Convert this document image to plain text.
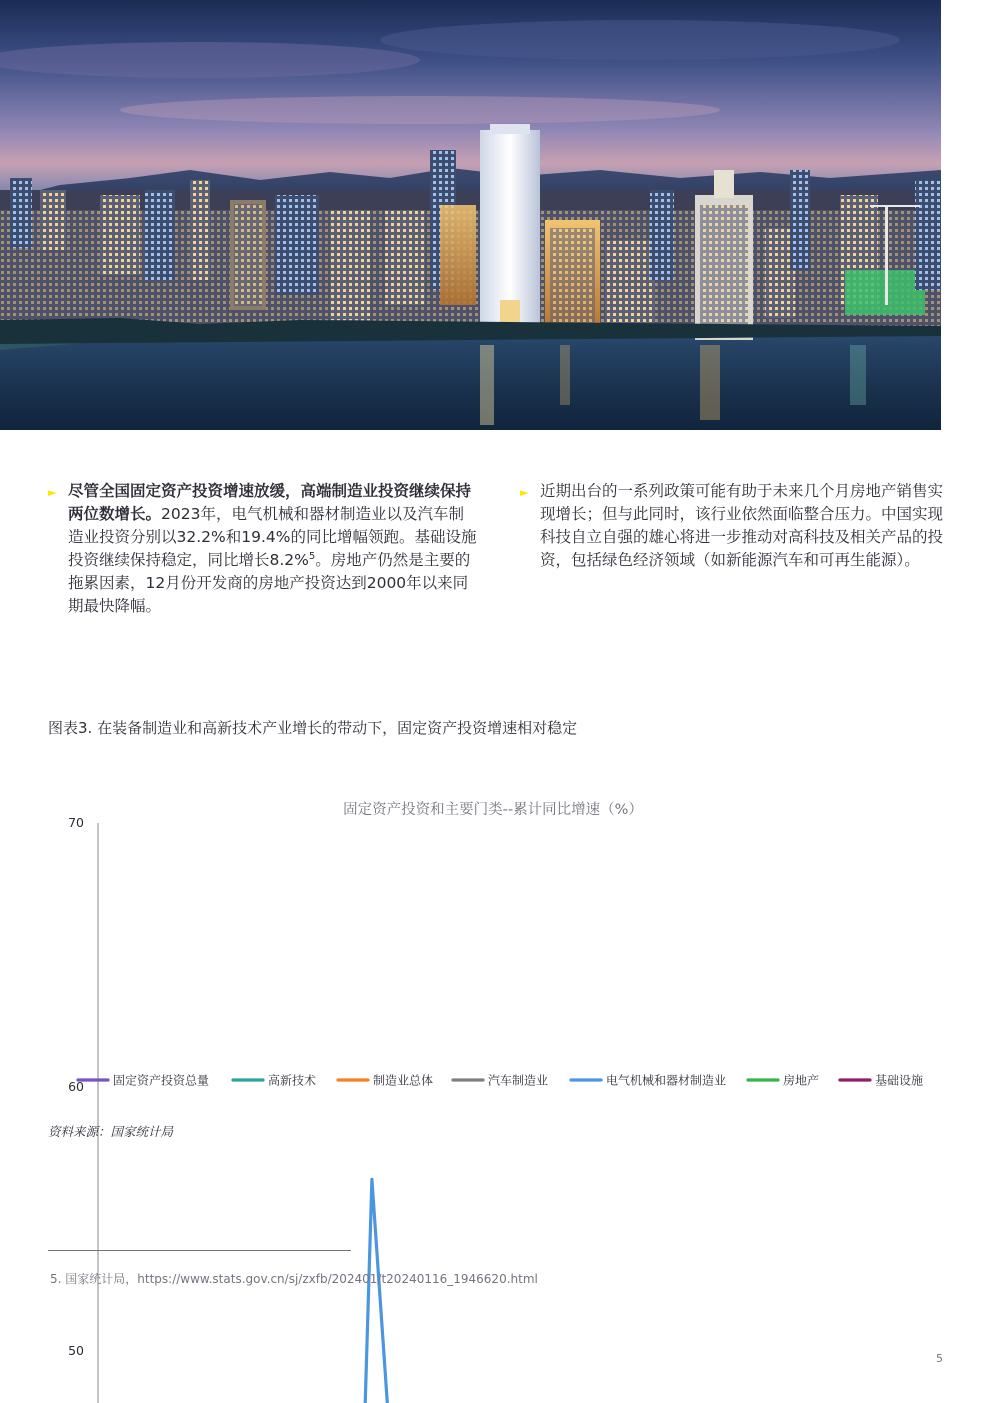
► 尽管全国固定资产投资增速放缓，高端制造业投资继续保持两位数增长。2023年，电气机械和器材制造业以及汽车制造业投资分别以32.2%和19.4%的同比增幅领跑。基础设施投资继续保持稳定，同比增长8.2%$^5$。房地产仍然是主要的拖累因素，12月份开发商的房地产投资达到2000年以来同期最快降幅。
► 近期出台的一系列政策可能有助于未来几个月房地产销售实现增长；但与此同时，该行业依然面临整合压力。中国实现科技自立自强的雄心将进一步推动对高科技及相关产品的投资，包括绿色经济领域（如新能源汽车和可再生能源）。
图表3. 在装备制造业和高新技术产业增长的带动下，固定资产投资增速相对稳定
固定资产投资和主要门类--累计同比增速（%）
70
60
50
固定资产投资总量	高新技术	制造业总体	汽车制造业	电气机械和器材制造业	房地产	基础设施
资料来源：国家统计局
5. 国家统计局，https://www.stats.gov.cn/sj/zxfb/202401/t20240116_1946620.html
5
